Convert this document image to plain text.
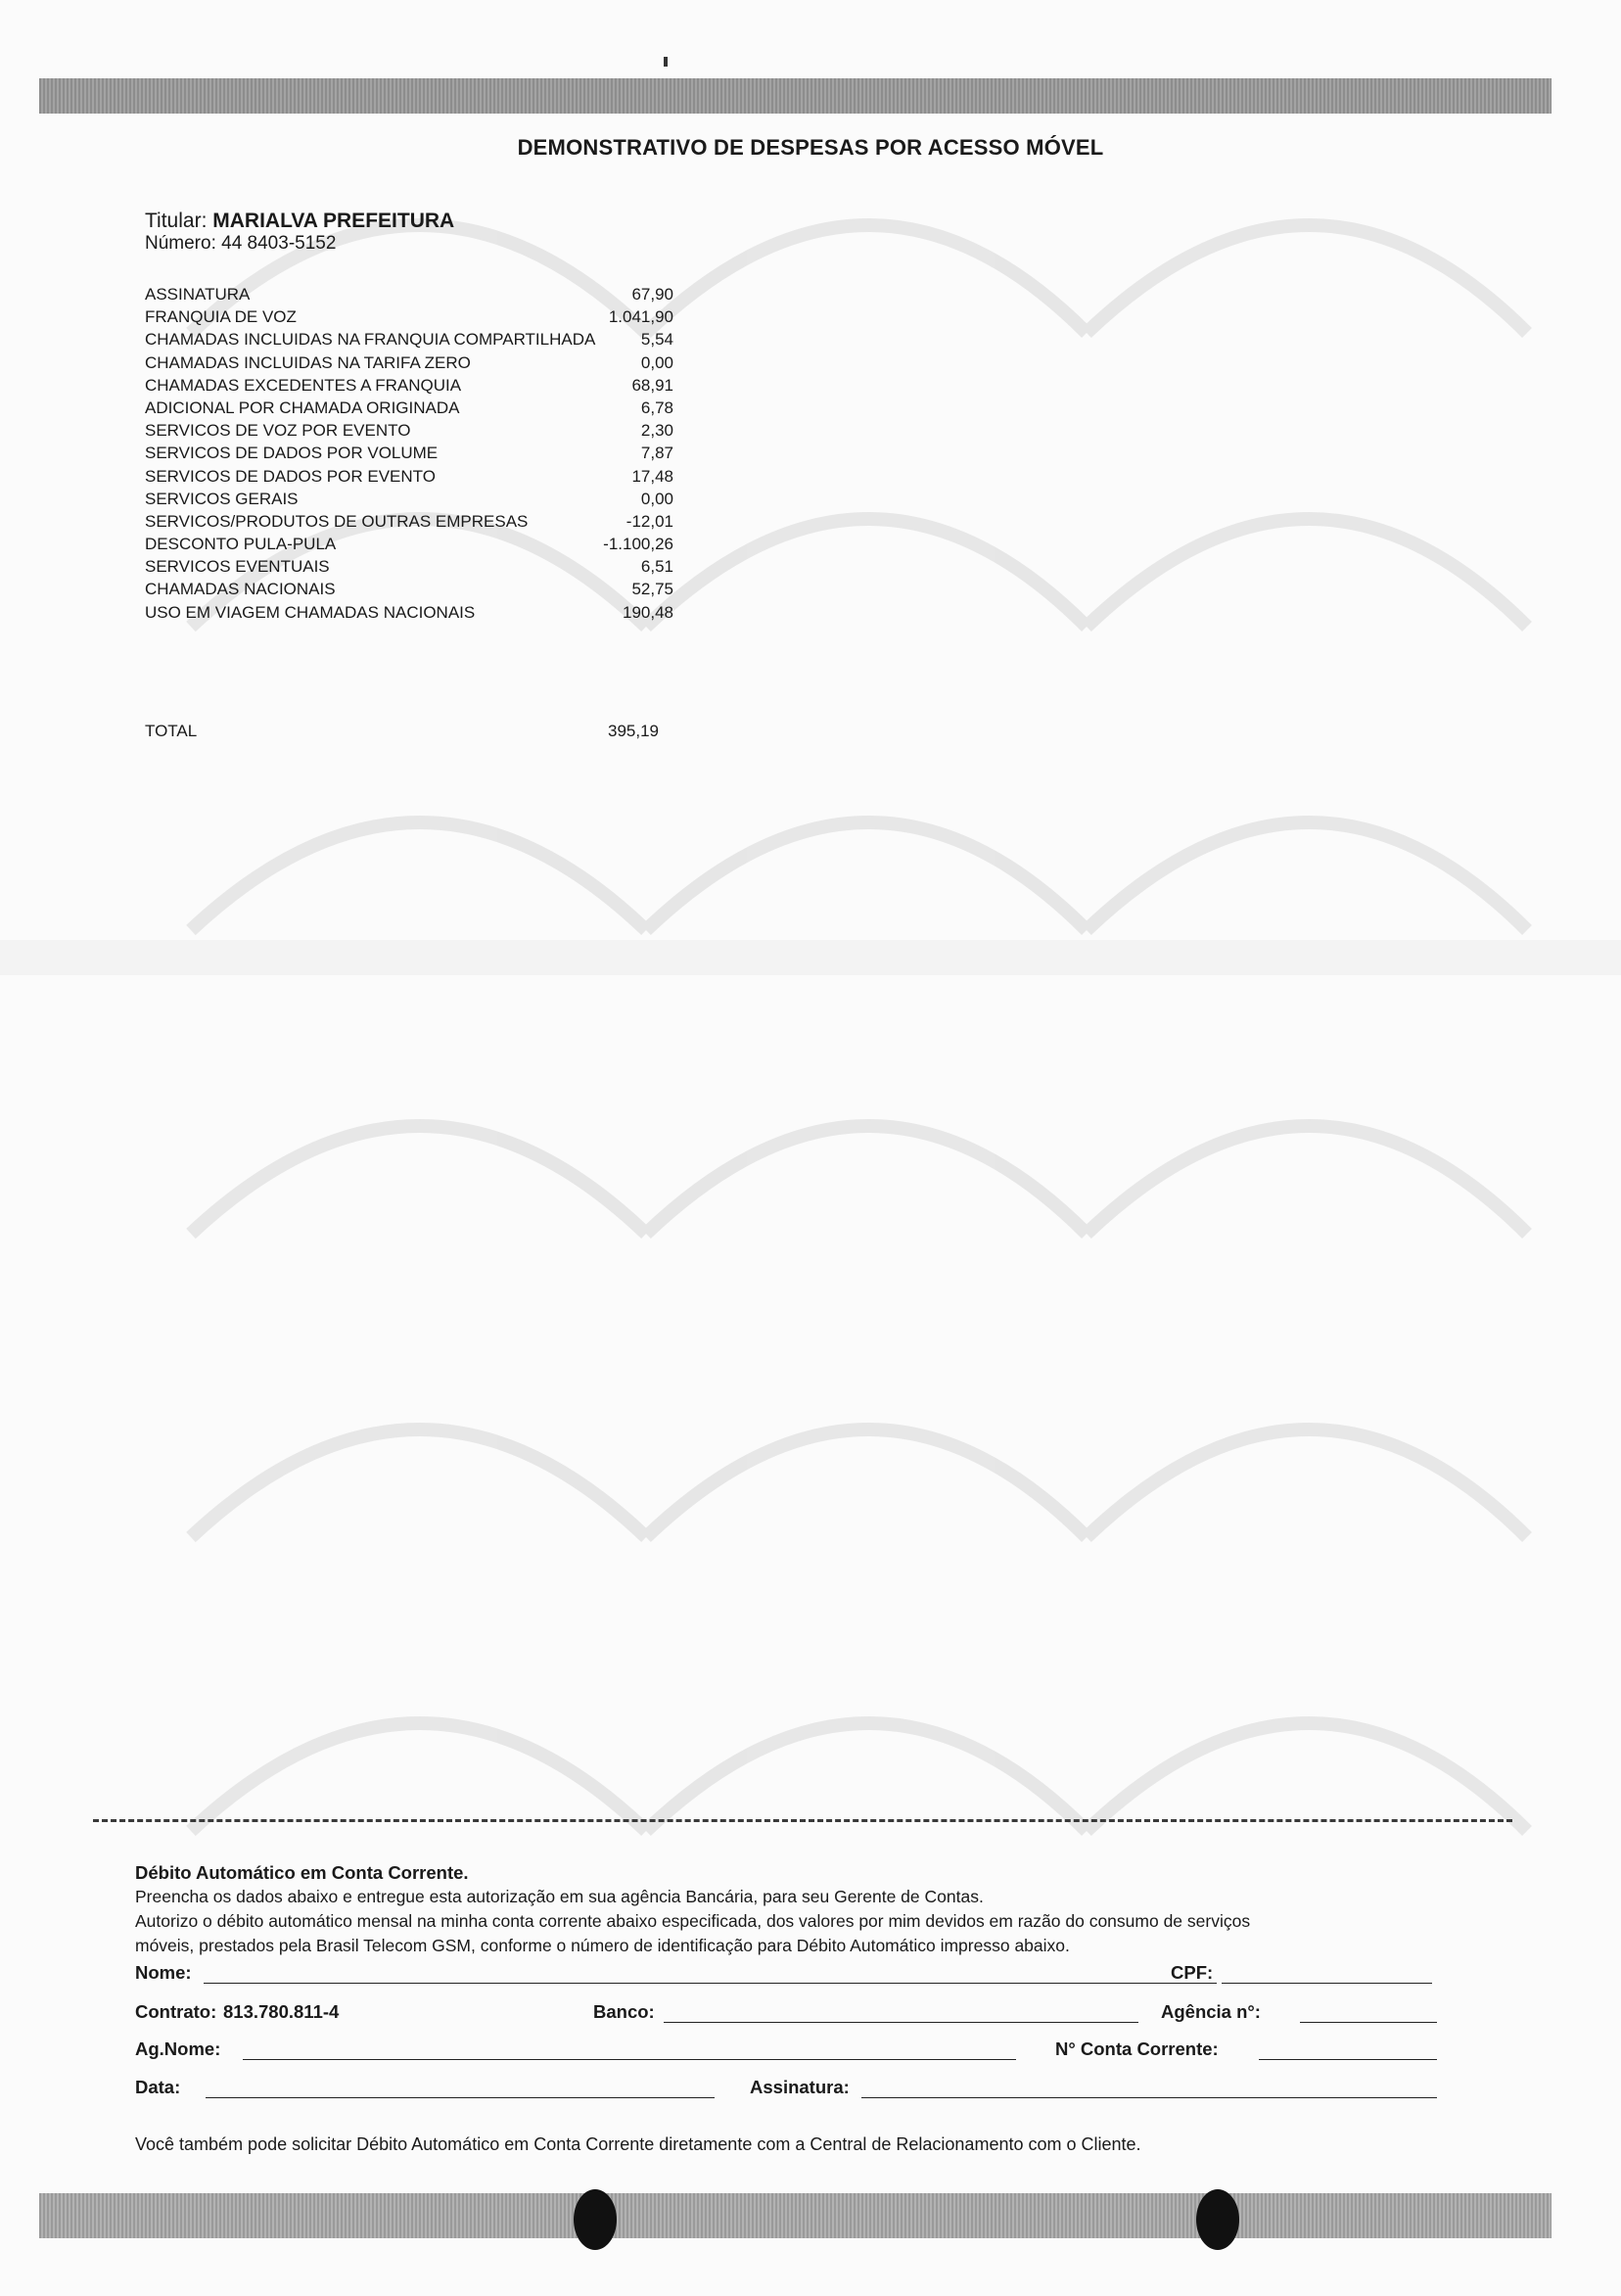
DEMONSTRATIVO DE DESPESAS POR ACESSO MÓVEL
Titular: MARIALVA PREFEITURA
Número: 44 8403-5152
ASSINATURA	67,90
FRANQUIA DE VOZ	1.041,90
CHAMADAS INCLUIDAS NA FRANQUIA COMPARTILHADA	5,54
CHAMADAS INCLUIDAS NA TARIFA ZERO	0,00
CHAMADAS EXCEDENTES A FRANQUIA	68,91
ADICIONAL POR CHAMADA ORIGINADA	6,78
SERVICOS DE VOZ POR EVENTO	2,30
SERVICOS DE DADOS POR VOLUME	7,87
SERVICOS DE DADOS POR EVENTO	17,48
SERVICOS GERAIS	0,00
SERVICOS/PRODUTOS DE OUTRAS EMPRESAS	-12,01
DESCONTO PULA-PULA	-1.100,26
SERVICOS EVENTUAIS	6,51
CHAMADAS NACIONAIS	52,75
USO EM VIAGEM CHAMADAS NACIONAIS	190,48
TOTAL	395,19
Débito Automático em Conta Corrente.
Preencha os dados abaixo e entregue esta autorização em sua agência Bancária, para seu Gerente de Contas.
Autorizo o débito automático mensal na minha conta corrente abaixo especificada, dos valores por mim devidos em razão do consumo de serviços
móveis, prestados pela Brasil Telecom GSM, conforme o número de identificação para Débito Automático impresso abaixo.
Nome:	CPF:
Contrato: 813.780.811-4	Banco:	Agência n°:
Ag.Nome:	N° Conta Corrente:
Data:	Assinatura:
Você também pode solicitar Débito Automático em Conta Corrente diretamente com a Central de Relacionamento com o Cliente.
